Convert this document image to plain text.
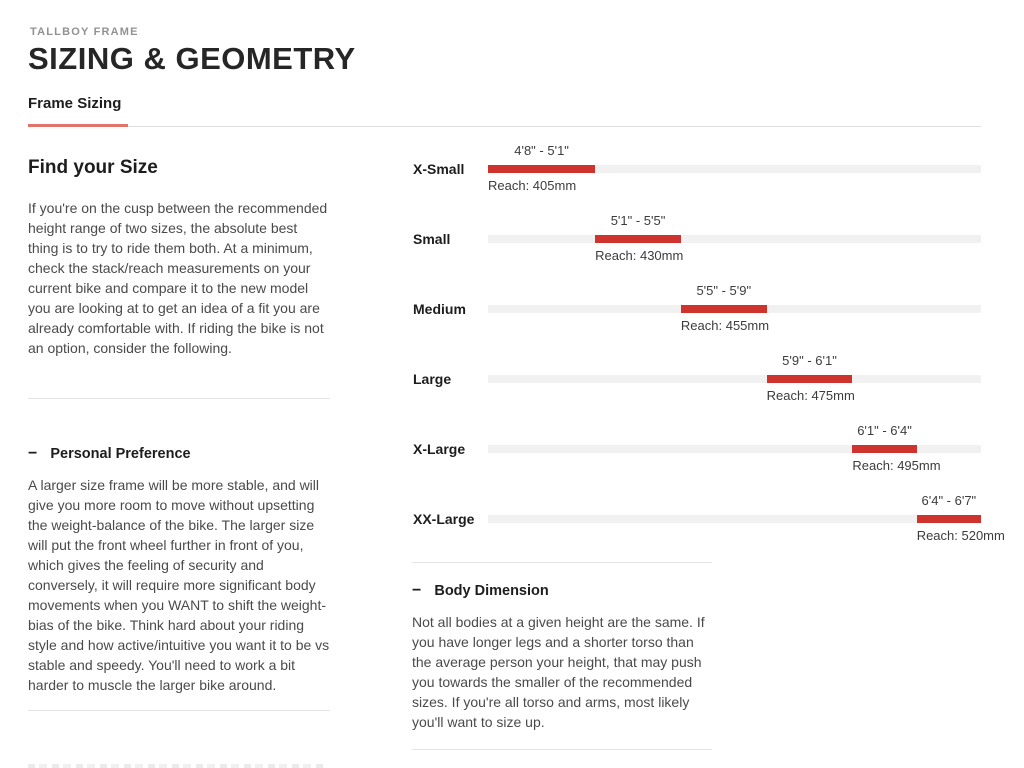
TALLBOY FRAME
SIZING & GEOMETRY
Frame Sizing
Find your Size

If you're on the cusp between the recommended height range of two sizes, the absolute best thing is to try to ride them both. At a minimum, check the stack/reach measurements on your current bike and compare it to the new model you are looking at to get an idea of a fit you are already comfortable with. If riding the bike is not an option, consider the following.

− Personal Preference

A larger size frame will be more stable, and will give you more room to move without upsetting the weight-balance of the bike. The larger size will put the front wheel further in front of you, which gives the feeling of security and conversely, it will require more significant body movements when you WANT to shift the weight-bias of the bike. Think hard about your riding style and how active/intuitive you want it to be vs stable and speedy. You'll need to work a bit harder to muscle the larger bike around.

X-Small
4'8" - 5'1"
Reach: 405mm
Small
5'1" - 5'5"
Reach: 430mm
Medium
5'5" - 5'9"
Reach: 455mm
Large
5'9" - 6'1"
Reach: 475mm
X-Large
6'1" - 6'4"
Reach: 495mm
XX-Large
6'4" - 6'7"
Reach: 520mm
− Body Dimension

Not all bodies at a given height are the same. If you have longer legs and a shorter torso than the average person your height, that may push you towards the smaller of the recommended sizes. If you're all torso and arms, most likely you'll want to size up.
